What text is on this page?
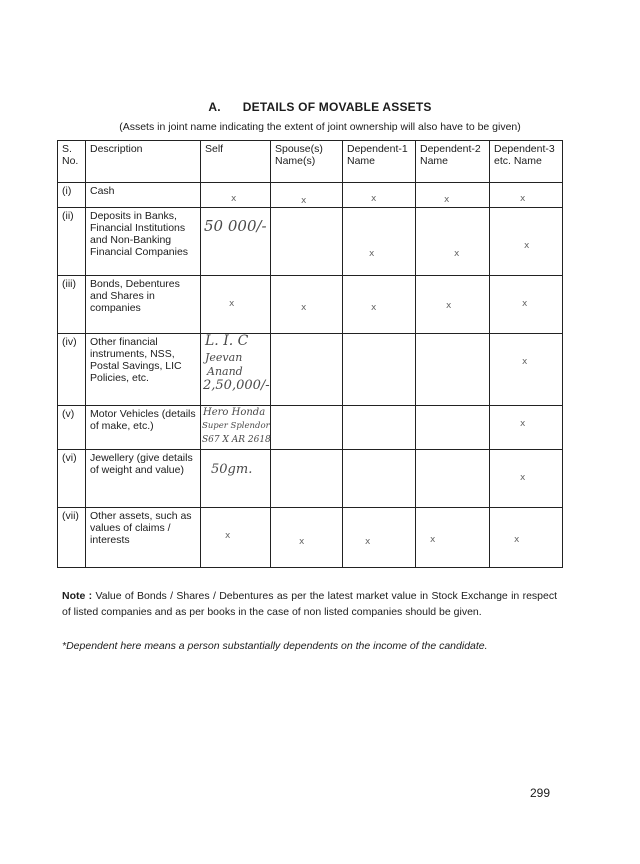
A. DETAILS OF MOVABLE ASSETS
(Assets in joint name indicating the extent of joint ownership will also have to be given)
S. No.	Description	Self	Spouse(s) Name(s)	Dependent-1 Name	Dependent-2 Name	Dependent-3 etc. Name
(i)	Cash	x	x	x	x	x

(ii)	Deposits in Banks, Financial Institutions and Non-Banking Financial Companies	50 000/-		x	x	x

(iii)	Bonds, Debentures and Shares in companies	x	x	x	x	x

(iv)	Other financial instruments, NSS, Postal Savings, LIC Policies, etc.	L. I. C
Jeevan
Anand
2,50,000/-				x

(v)	Motor Vehicles (details of make, etc.)	Hero Honda
Super Splendor
S67 X AR 2618				x

(vi)	Jewellery (give details of weight and value)	50gm.				x

(vii)	Other assets, such as values of claims / interests	x	x	x	x	x
Note : Value of Bonds / Shares / Debentures as per the latest market value in Stock Exchange in respect of listed companies and as per books in the case of non listed companies should be given.
*Dependent here means a person substantially dependents on the income of the candidate.
299
